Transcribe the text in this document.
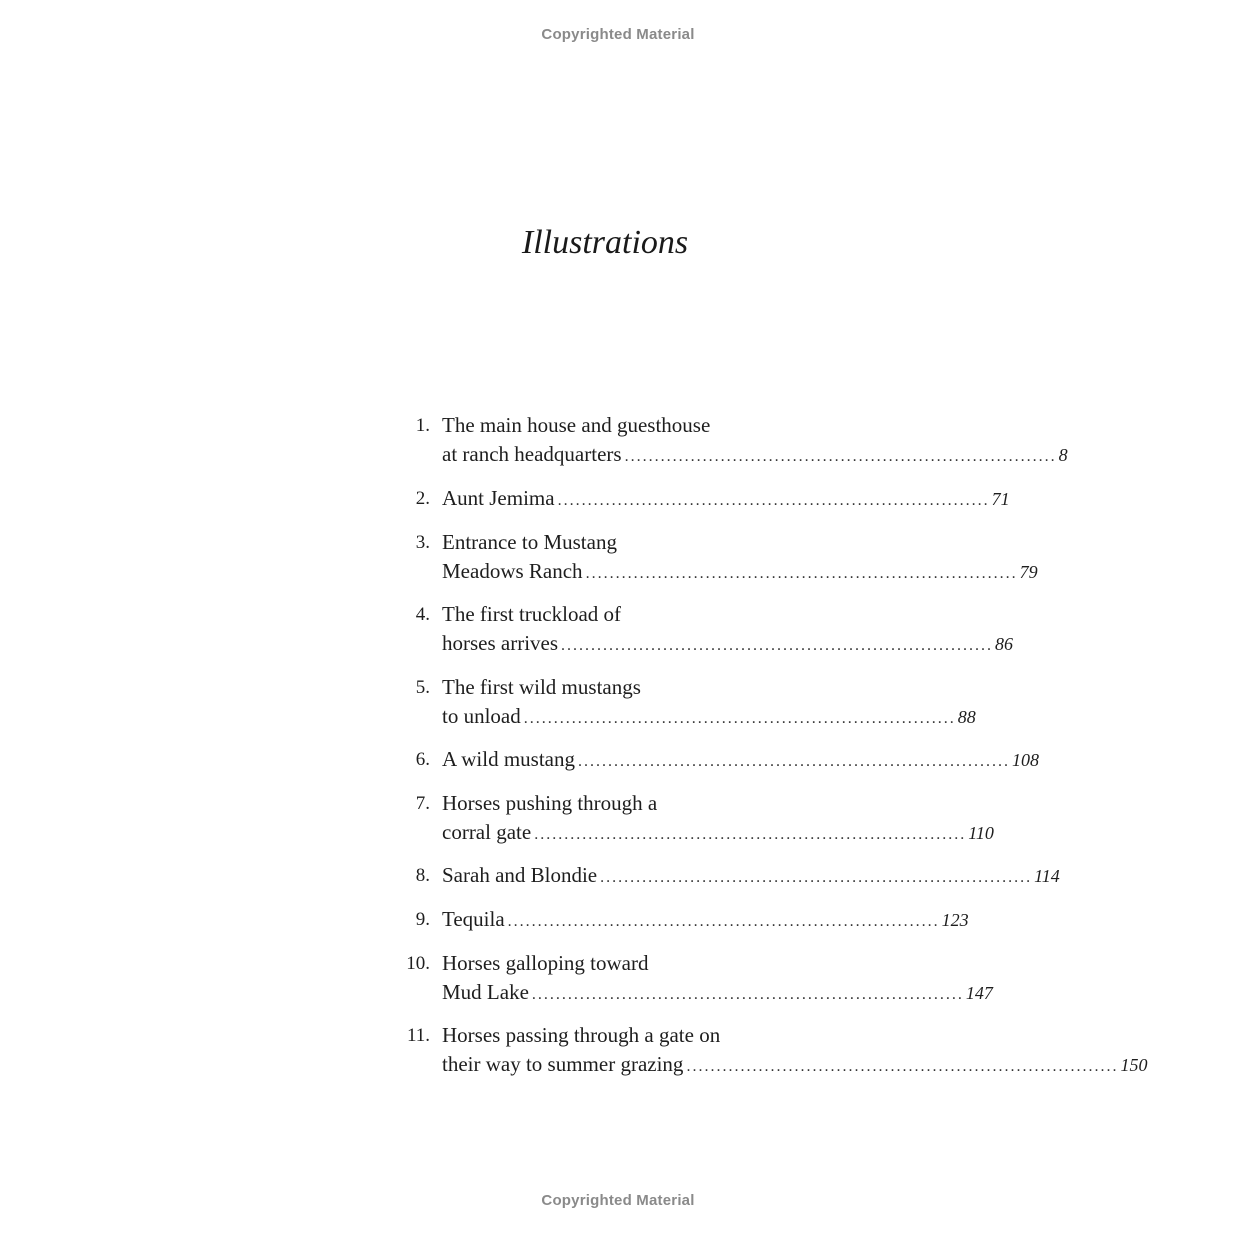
Copyrighted Material
Illustrations
1. The main house and guesthouse
at ranch headquarters ........................................................................ 8
2. Aunt Jemima ........................................................................ 71
3. Entrance to Mustang
Meadows Ranch ........................................................................ 79
4. The first truckload of
horses arrives ........................................................................ 86
5. The first wild mustangs
to unload ........................................................................ 88
6. A wild mustang ........................................................................ 108
7. Horses pushing through a
corral gate ........................................................................ 110
8. Sarah and Blondie ........................................................................ 114
9. Tequila ........................................................................ 123
10. Horses galloping toward
Mud Lake ........................................................................ 147
11. Horses passing through a gate on
their way to summer grazing ........................................................................ 150
Copyrighted Material
